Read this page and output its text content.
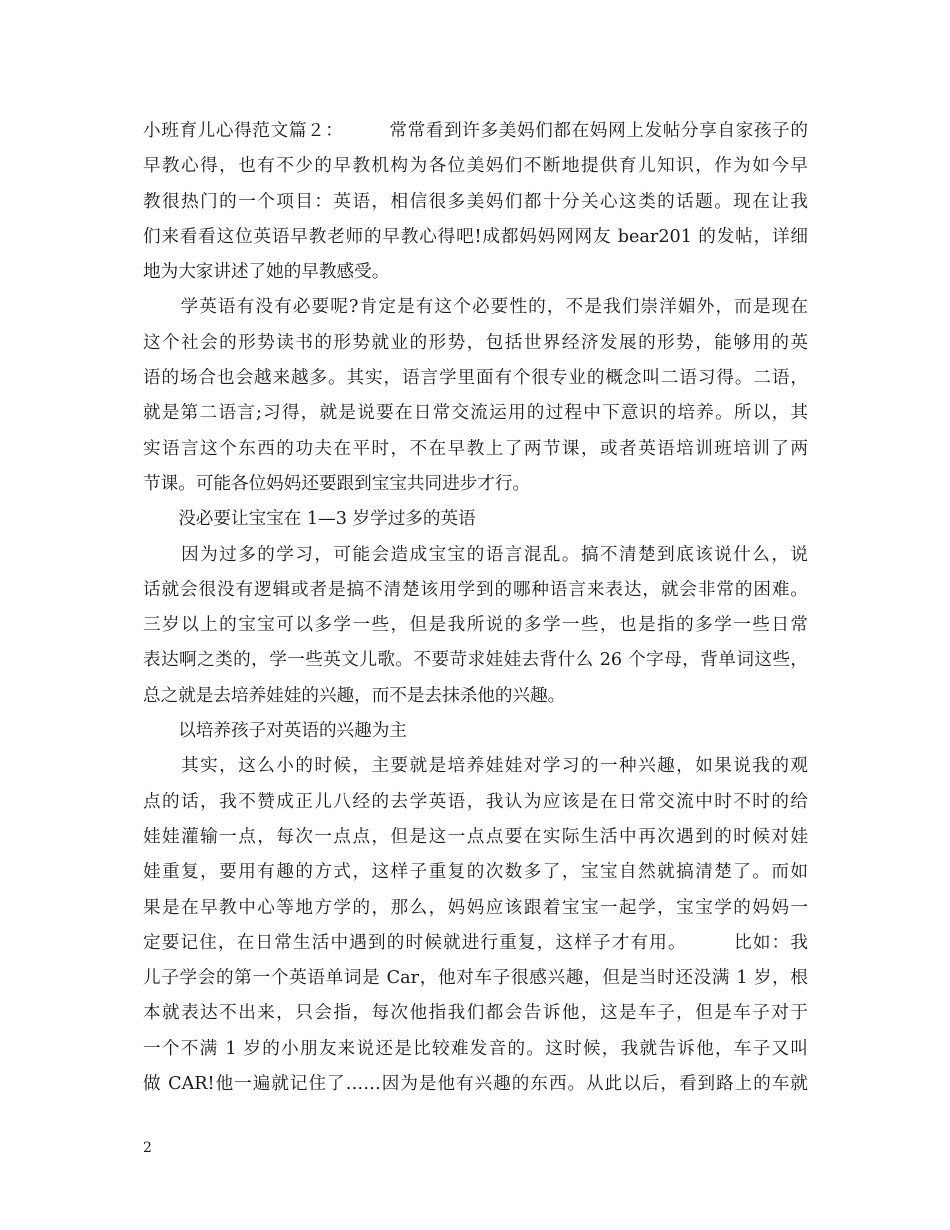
小班育儿心得范文篇２：　　　常常看到许多美妈们都在妈网上发帖分享自家孩子的
早教心得，也有不少的早教机构为各位美妈们不断地提供育儿知识，作为如今早
教很热门的一个项目：英语，相信很多美妈们都十分关心这类的话题。现在让我
们来看看这位英语早教老师的早教心得吧!成都妈妈网网友 bear201 的发帖，详细
地为大家讲述了她的早教感受。
　　学英语有没有必要呢?肯定是有这个必要性的，不是我们崇洋媚外，而是现在
这个社会的形势读书的形势就业的形势，包括世界经济发展的形势，能够用的英
语的场合也会越来越多。其实，语言学里面有个很专业的概念叫二语习得。二语，
就是第二语言;习得，就是说要在日常交流运用的过程中下意识的培养。所以，其
实语言这个东西的功夫在平时，不在早教上了两节课，或者英语培训班培训了两
节课。可能各位妈妈还要跟到宝宝共同进步才行。
　　没必要让宝宝在 1—3 岁学过多的英语
　　因为过多的学习，可能会造成宝宝的语言混乱。搞不清楚到底该说什么，说
话就会很没有逻辑或者是搞不清楚该用学到的哪种语言来表达，就会非常的困难。
三岁以上的宝宝可以多学一些，但是我所说的多学一些，也是指的多学一些日常
表达啊之类的，学一些英文儿歌。不要苛求娃娃去背什么 26 个字母，背单词这些，
总之就是去培养娃娃的兴趣，而不是去抹杀他的兴趣。
　　以培养孩子对英语的兴趣为主
　　其实，这么小的时候，主要就是培养娃娃对学习的一种兴趣，如果说我的观
点的话，我不赞成正儿八经的去学英语，我认为应该是在日常交流中时不时的给
娃娃灌输一点，每次一点点，但是这一点点要在实际生活中再次遇到的时候对娃
娃重复，要用有趣的方式，这样子重复的次数多了，宝宝自然就搞清楚了。而如
果是在早教中心等地方学的，那么，妈妈应该跟着宝宝一起学，宝宝学的妈妈一
定要记住，在日常生活中遇到的时候就进行重复，这样子才有用。　　　比如：我
儿子学会的第一个英语单词是 Car，他对车子很感兴趣，但是当时还没满 1 岁，根
本就表达不出来，只会指，每次他指我们都会告诉他，这是车子，但是车子对于
一个不满 1 岁的小朋友来说还是比较难发音的。这时候，我就告诉他，车子又叫
做 CAR!他一遍就记住了……因为是他有兴趣的东西。从此以后，看到路上的车就
2
